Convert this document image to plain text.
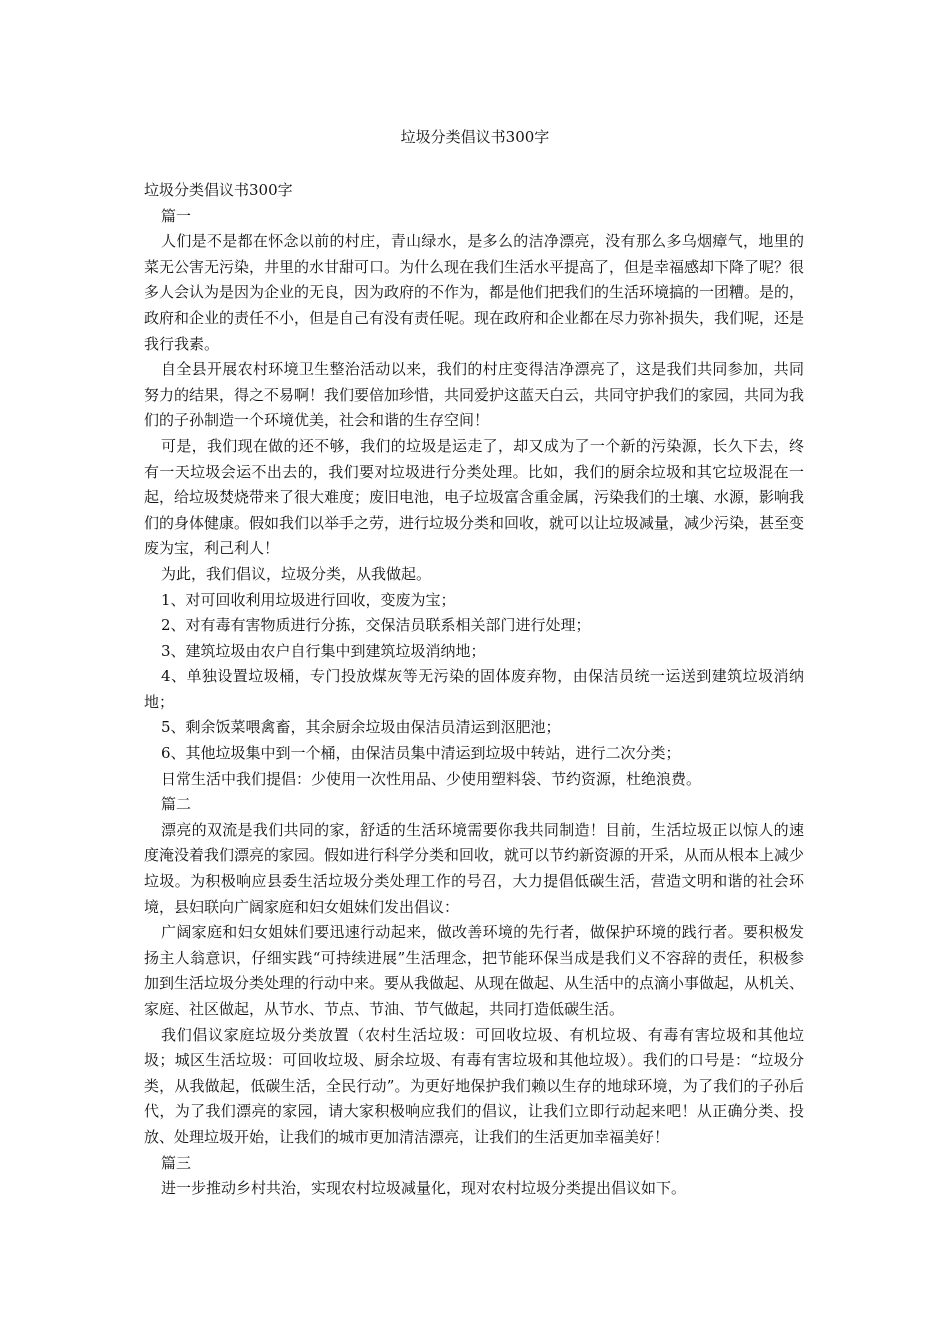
垃圾分类倡议书300字

垃圾分类倡议书300字

篇一

人们是不是都在怀念以前的村庄，青山绿水，是多么的洁净漂亮，没有那么多乌烟瘴气，地里的菜无公害无污染，井里的水甘甜可口。为什么现在我们生活水平提高了，但是幸福感却下降了呢？很多人会认为是因为企业的无良，因为政府的不作为，都是他们把我们的生活环境搞的一团糟。是的，政府和企业的责任不小，但是自己有没有责任呢。现在政府和企业都在尽力弥补损失，我们呢，还是我行我素。

自全县开展农村环境卫生整治活动以来，我们的村庄变得洁净漂亮了，这是我们共同参加，共同努力的结果，得之不易啊！我们要倍加珍惜，共同爱护这蓝天白云，共同守护我们的家园，共同为我们的子孙制造一个环境优美，社会和谐的生存空间！

可是，我们现在做的还不够，我们的垃圾是运走了，却又成为了一个新的污染源，长久下去，终有一天垃圾会运不出去的，我们要对垃圾进行分类处理。比如，我们的厨余垃圾和其它垃圾混在一起，给垃圾焚烧带来了很大难度；废旧电池，电子垃圾富含重金属，污染我们的土壤、水源，影响我们的身体健康。假如我们以举手之劳，进行垃圾分类和回收，就可以让垃圾减量，减少污染，甚至变废为宝，利己利人！

为此，我们倡议，垃圾分类，从我做起。

1、对可回收利用垃圾进行回收，变废为宝；

2、对有毒有害物质进行分拣，交保洁员联系相关部门进行处理；

3、建筑垃圾由农户自行集中到建筑垃圾消纳地；

4、单独设置垃圾桶，专门投放煤灰等无污染的固体废弃物，由保洁员统一运送到建筑垃圾消纳地；

5、剩余饭菜喂禽畜，其余厨余垃圾由保洁员清运到沤肥池；

6、其他垃圾集中到一个桶，由保洁员集中清运到垃圾中转站，进行二次分类；

日常生活中我们提倡：少使用一次性用品、少使用塑料袋、节约资源，杜绝浪费。

篇二

漂亮的双流是我们共同的家，舒适的生活环境需要你我共同制造！目前，生活垃圾正以惊人的速度淹没着我们漂亮的家园。假如进行科学分类和回收，就可以节约新资源的开采，从而从根本上减少垃圾。为积极响应县委生活垃圾分类处理工作的号召，大力提倡低碳生活，营造文明和谐的社会环境，县妇联向广阔家庭和妇女姐妹们发出倡议：

广阔家庭和妇女姐妹们要迅速行动起来，做改善环境的先行者，做保护环境的践行者。要积极发扬主人翁意识，仔细实践“可持续进展”生活理念，把节能环保当成是我们义不容辞的责任，积极参加到生活垃圾分类处理的行动中来。要从我做起、从现在做起、从生活中的点滴小事做起，从机关、家庭、社区做起，从节水、节点、节油、节气做起，共同打造低碳生活。

我们倡议家庭垃圾分类放置（农村生活垃圾：可回收垃圾、有机垃圾、有毒有害垃圾和其他垃圾；城区生活垃圾：可回收垃圾、厨余垃圾、有毒有害垃圾和其他垃圾）。我们的口号是：“垃圾分类，从我做起，低碳生活，全民行动”。为更好地保护我们赖以生存的地球环境，为了我们的子孙后代，为了我们漂亮的家园，请大家积极响应我们的倡议，让我们立即行动起来吧！从正确分类、投放、处理垃圾开始，让我们的城市更加清洁漂亮，让我们的生活更加幸福美好！

篇三

进一步推动乡村共治，实现农村垃圾减量化，现对农村垃圾分类提出倡议如下。
